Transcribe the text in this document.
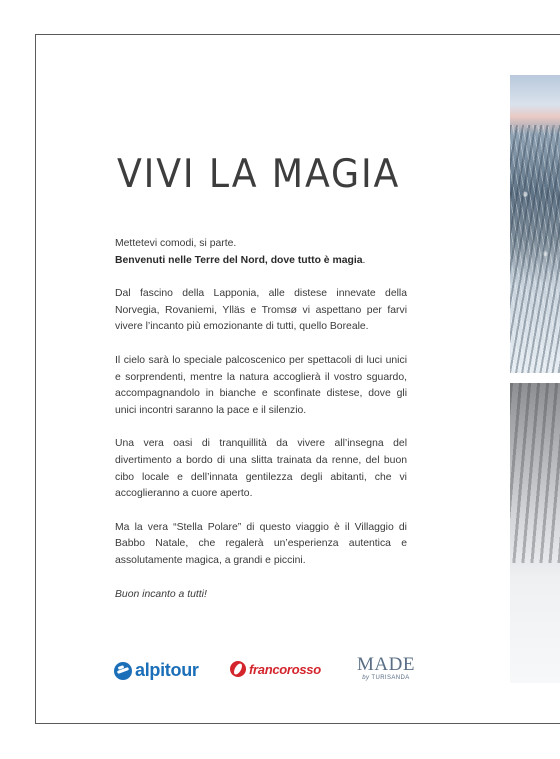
VIVI LA MAGIA

Mettetevi comodi, si parte.
Benvenuti nelle Terre del Nord, dove tutto è magia.

Dal fascino della Lapponia, alle distese innevate della Norvegia, Rovaniemi, Ylläs e Tromsø vi aspettano per farvi vivere l’incanto più emozionante di tutti, quello Boreale.

Il cielo sarà lo speciale palcoscenico per spettacoli di luci unici e sorprendenti, mentre la natura accoglierà il vostro sguardo, accompagnandolo in bianche e sconfinate distese, dove gli unici incontri saranno la pace e il silenzio.

Una vera oasi di tranquillità da vivere all’insegna del divertimento a bordo di una slitta trainata da renne, del buon cibo locale e dell’innata gentilezza degli abitanti, che vi accoglieranno a cuore aperto.

Ma la vera “Stella Polare” di questo viaggio è il Villaggio di Babbo Natale, che regalerà un’esperienza autentica e assolutamente magica, a grandi e piccini.

Buon incanto a tutti!

alpitour	francorosso MADE
by TURISANDA
